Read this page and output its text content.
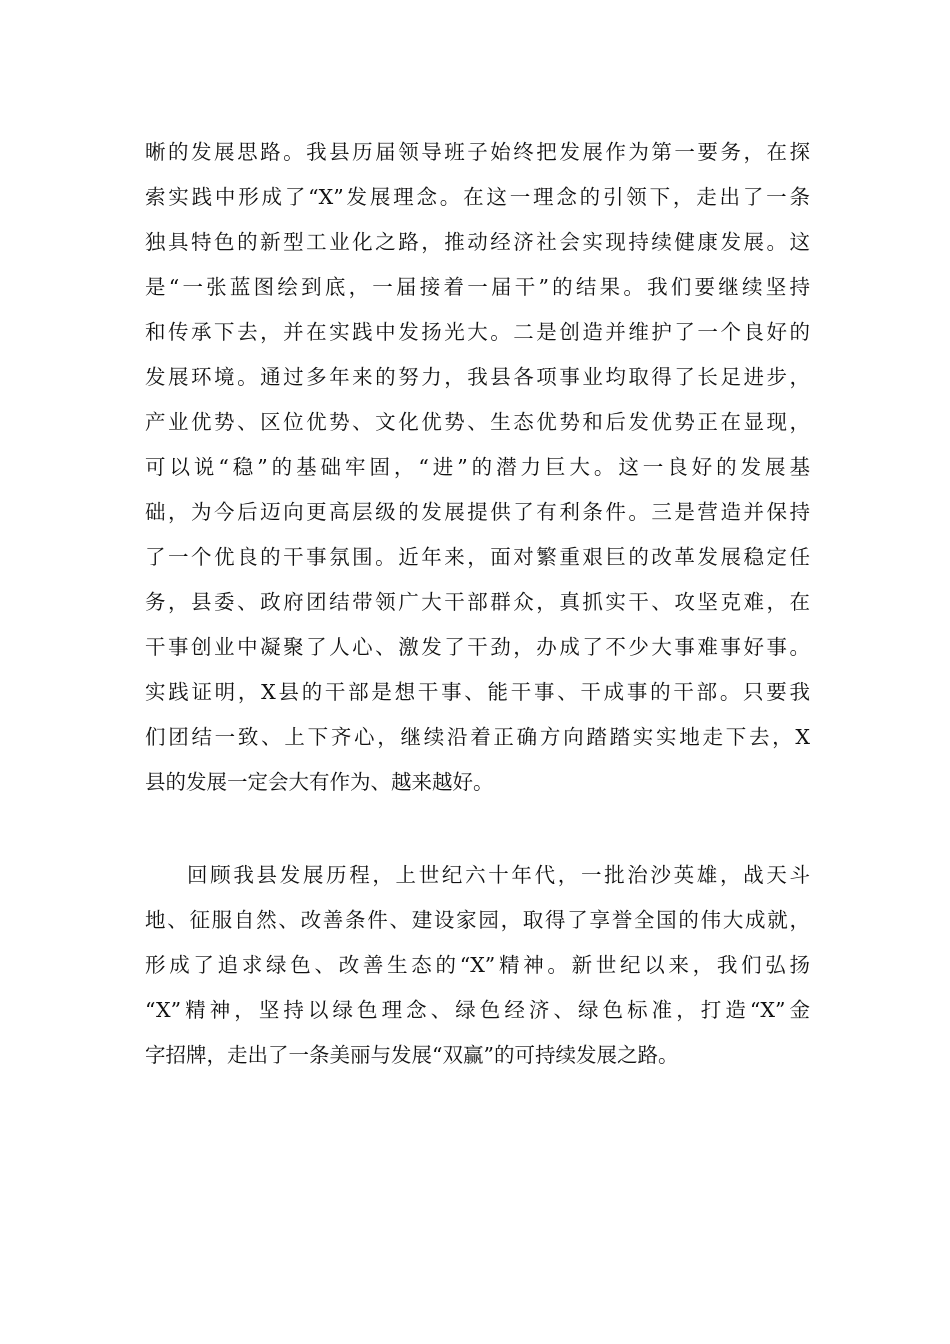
晰的发展思路。我县历届领导班子始终把发展作为第一要务，在探
索实践中形成了“X”发展理念。在这一理念的引领下，走出了一条
独具特色的新型工业化之路，推动经济社会实现持续健康发展。这
是“一张蓝图绘到底，一届接着一届干”的结果。我们要继续坚持
和传承下去，并在实践中发扬光大。二是创造并维护了一个良好的
发展环境。通过多年来的努力，我县各项事业均取得了长足进步，
产业优势、区位优势、文化优势、生态优势和后发优势正在显现，
可以说“稳”的基础牢固，“进”的潜力巨大。这一良好的发展基
础，为今后迈向更高层级的发展提供了有利条件。三是营造并保持
了一个优良的干事氛围。近年来，面对繁重艰巨的改革发展稳定任
务，县委、政府团结带领广大干部群众，真抓实干、攻坚克难，在
干事创业中凝聚了人心、激发了干劲，办成了不少大事难事好事。
实践证明，X县的干部是想干事、能干事、干成事的干部。只要我
们团结一致、上下齐心，继续沿着正确方向踏踏实实地走下去，X
县的发展一定会大有作为、越来越好。
回顾我县发展历程，上世纪六十年代，一批治沙英雄，战天斗
地、征服自然、改善条件、建设家园，取得了享誉全国的伟大成就，
形成了追求绿色、改善生态的“X”精神。新世纪以来，我们弘扬
“X”精神，坚持以绿色理念、绿色经济、绿色标准，打造“X”金
字招牌，走出了一条美丽与发展“双赢”的可持续发展之路。
